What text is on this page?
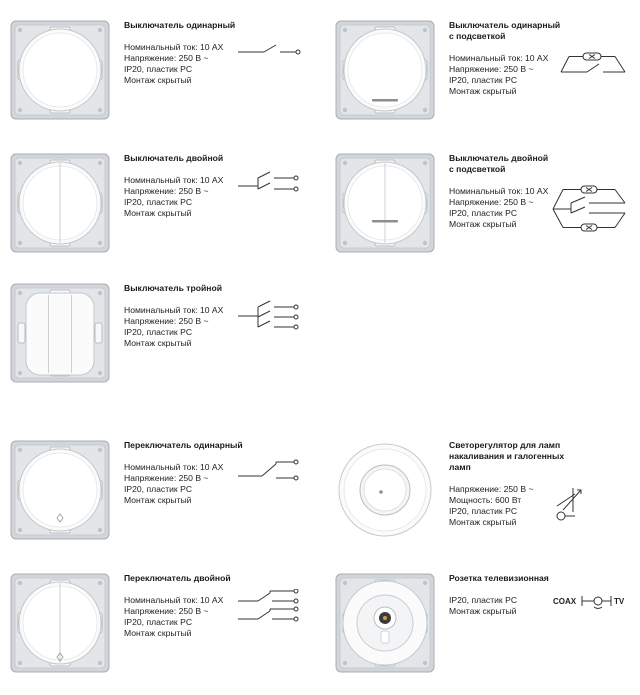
Выключатель одинарный
Номинальный ток: 10 АХ
Напряжение: 250 В ~
IP20, пластик PC
Монтаж скрытый
Выключатель одинарный
с подсветкой
Номинальный ток: 10 АХ
Напряжение: 250 В ~
IP20, пластик PC
Монтаж скрытый
Выключатель двойной
Номинальный ток: 10 АХ
Напряжение: 250 В ~
IP20, пластик PC
Монтаж скрытый
Выключатель двойной
с подсветкой
Номинальный ток: 10 АХ
Напряжение: 250 В ~
IP20, пластик PC
Монтаж скрытый
Выключатель тройной
Номинальный ток: 10 АХ
Напряжение: 250 В ~
IP20, пластик PC
Монтаж скрытый
Переключатель одинарный
Номинальный ток: 10 АХ
Напряжение: 250 В ~
IP20, пластик PC
Монтаж скрытый
Светорегулятор для ламп
накаливания и галогенных
ламп
Напряжение: 250 В ~
Мощность: 600 Вт
IP20, пластик PC
Монтаж скрытый
Переключатель двойной
Номинальный ток: 10 АХ
Напряжение: 250 В ~
IP20, пластик PC
Монтаж скрытый
Розетка телевизионная
IP20, пластик PC
Монтаж скрытый
COAX	TV
